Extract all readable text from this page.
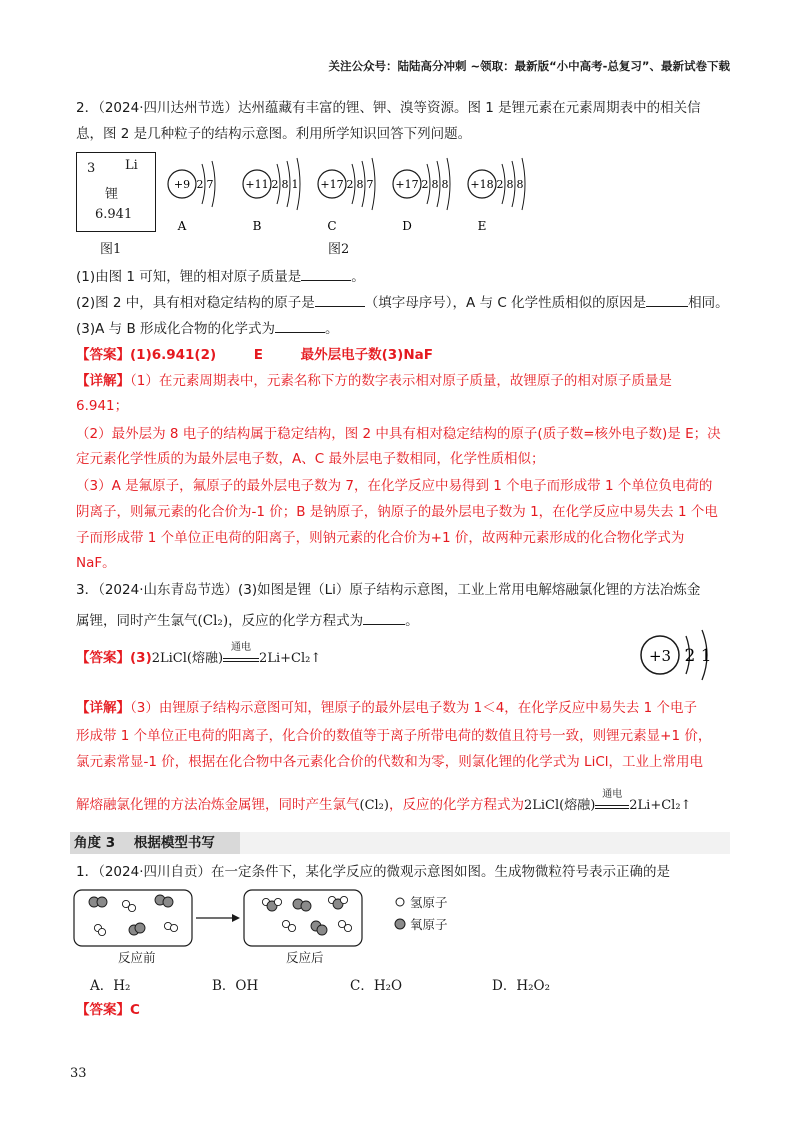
关注公众号：陆陆高分冲刺 ~领取：最新版“小中高考-总复习”、最新试卷下载
2．（2024·四川达州节选）达州蕴藏有丰富的锂、钾、溴等资源。图 1 是锂元素在元素周期表中的相关信
息，图 2 是几种粒子的结构示意图。利用所学知识回答下列问题。
3 Li
锂
6.941
图1
+9 2 7	+11 2 8 1 +17 2 8 7 +17 2 8 8 +18 2 8 8
A	B	C	D	E
图2
(1)由图 1 可知，锂的相对原子质量是	。
(2)图 2 中，具有相对稳定结构的原子是	（填字母序号），A 与 C 化学性质相似的原因是	相同。
(3)A 与 B 形成化合物的化学式为	。
【答案】(1)6.941(2)        E        最外层电子数(3)NaF
【详解】（1）在元素周期表中，元素名称下方的数字表示相对原子质量，故锂原子的相对原子质量是
6.941；
（2）最外层为 8 电子的结构属于稳定结构，图 2 中具有相对稳定结构的原子(质子数=核外电子数)是 E；决
定元素化学性质的为最外层电子数，A、C 最外层电子数相同，化学性质相似；
（3）A 是氟原子，氟原子的最外层电子数为 7，在化学反应中易得到 1 个电子而形成带 1 个单位负电荷的
阴离子，则氟元素的化合价为-1 价；B 是钠原子，钠原子的最外层电子数为 1，在化学反应中易失去 1 个电
子而形成带 1 个单位正电荷的阳离子，则钠元素的化合价为+1 价，故两种元素形成的化合物化学式为
NaF。
3．（2024·山东青岛节选）(3)如图是锂（Li）原子结构示意图，工业上常用电解熔融氯化锂的方法冶炼金
属锂，同时产生氯气(Cl₂)，反应的化学方程式为	。
+3 2 1
【答案】(3)2LiCl(熔融)
通电
2Li+Cl₂↑
【详解】（3）由锂原子结构示意图可知，锂原子的最外层电子数为 1＜4，在化学反应中易失去 1 个电子
形成带 1 个单位正电荷的阳离子，化合价的数值等于离子所带电荷的数值且符号一致，则锂元素显+1 价，
氯元素常显-1 价，根据在化合物中各元素化合价的代数和为零，则氯化锂的化学式为 LiCl，工业上常用电
解熔融氯化锂的方法冶炼金属锂，同时产生氯气(Cl₂)，反应的化学方程式为2LiCl(熔融)
通电
2Li+Cl₂↑
角度 3    根据模型书写
1．（2024·四川自贡）在一定条件下，某化学反应的微观示意图如图。生成物微粒符号表示正确的是
氢原子
氧原子
反应前	反应后
A．H₂	B．OH	C．H₂O	D．H₂O₂
【答案】C
33
